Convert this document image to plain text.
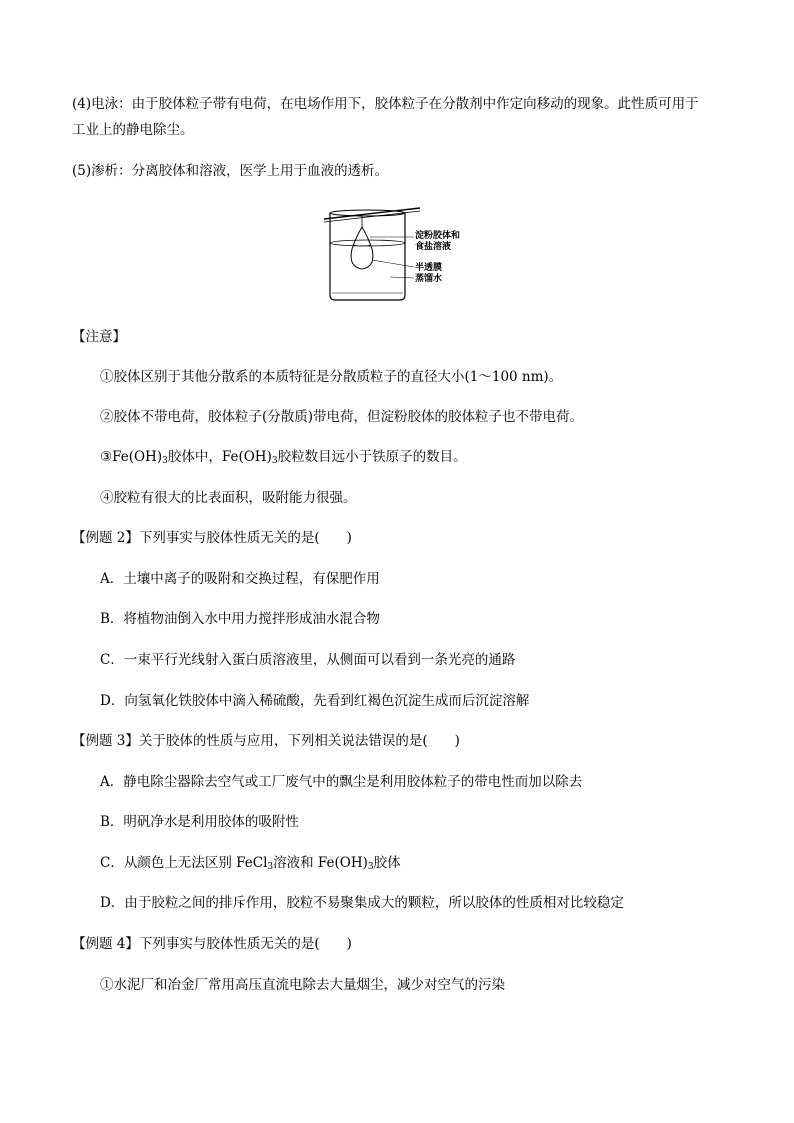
(4)电泳：由于胶体粒子带有电荷，在电场作用下，胶体粒子在分散剂中作定向移动的现象。此性质可用于
工业上的静电除尘。
(5)渗析：分离胶体和溶液，医学上用于血液的透析。
淀粉胶体和
食盐溶液
半透膜
蒸馏水
【注意】
①胶体区别于其他分散系的本质特征是分散质粒子的直径大小(1～100 nm)。
②胶体不带电荷，胶体粒子(分散质)带电荷，但淀粉胶体的胶体粒子也不带电荷。
$③Fe(OH)_3$胶体中，$Fe(OH)_3$胶粒数目远小于铁原子的数目。
④胶粒有很大的比表面积，吸附能力很强。
【例题 2】下列事实与胶体性质无关的是(　　)
A．土壤中离子的吸附和交换过程，有保肥作用
B．将植物油倒入水中用力搅拌形成油水混合物
C．一束平行光线射入蛋白质溶液里，从侧面可以看到一条光亮的通路
D．向氢氧化铁胶体中滴入稀硫酸，先看到红褐色沉淀生成而后沉淀溶解
【例题 3】关于胶体的性质与应用，下列相关说法错误的是(　　)
A．静电除尘器除去空气或工厂废气中的飘尘是利用胶体粒子的带电性而加以除去
B．明矾净水是利用胶体的吸附性
C．从颜色上无法区别 FeCl$_3$溶液和 $Fe(OH)_3$胶体
D．由于胶粒之间的排斥作用，胶粒不易聚集成大的颗粒，所以胶体的性质相对比较稳定
【例题 4】下列事实与胶体性质无关的是(　　)
①水泥厂和冶金厂常用高压直流电除去大量烟尘，减少对空气的污染
